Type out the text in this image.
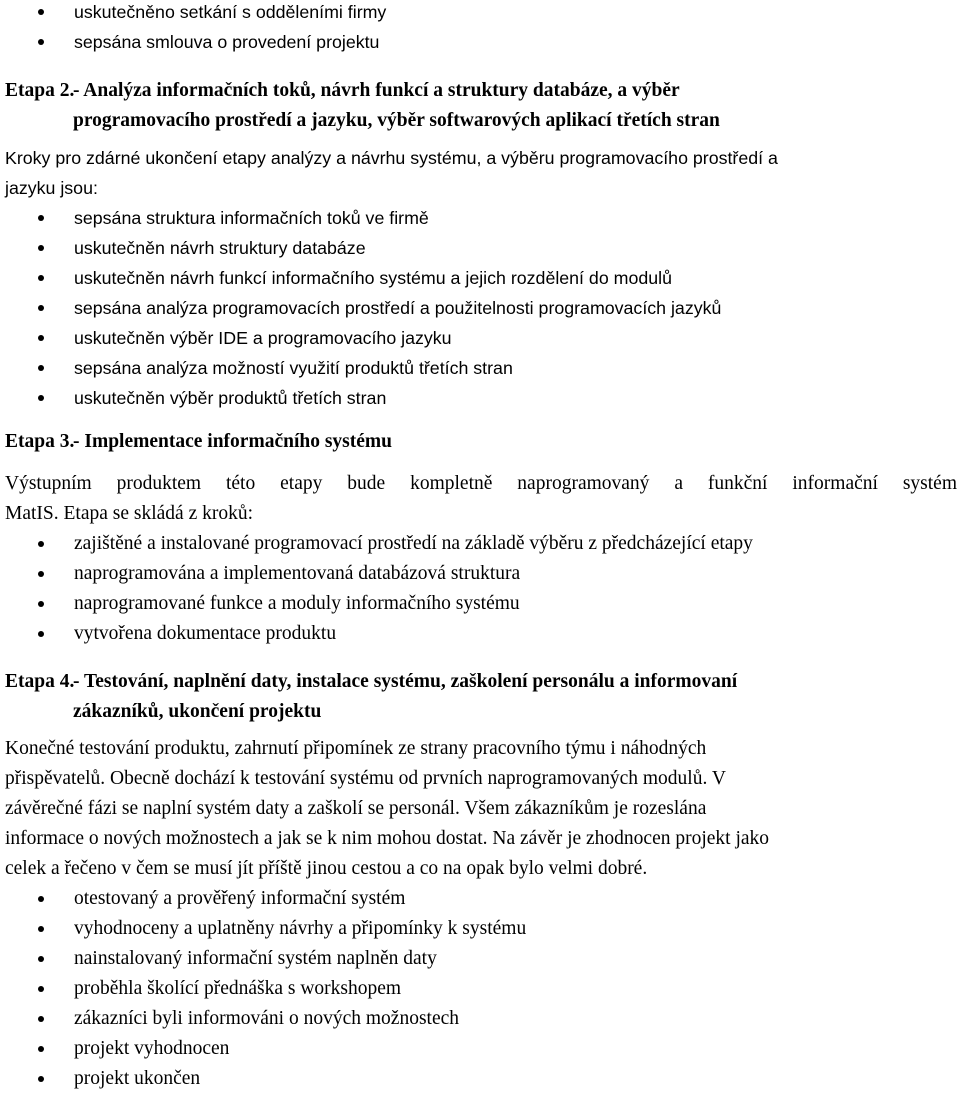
uskutečněno setkání s odděleními firmy
sepsána smlouva o provedení projektu
Etapa 2.- Analýza informačních toků, návrh funkcí a struktury databáze, a výběr
programovacího prostředí a jazyku, výběr softwarových aplikací třetích stran
Kroky pro zdárné ukončení etapy analýzy a návrhu systému, a výběru programovacího prostředí a
jazyku jsou:
sepsána struktura informačních toků ve firmě
uskutečněn návrh struktury databáze
uskutečněn návrh funkcí informačního systému a jejich rozdělení do modulů
sepsána analýza programovacích prostředí a použitelnosti programovacích jazyků
uskutečněn výběr IDE a programovacího jazyku
sepsána analýza možností využití produktů třetích stran
uskutečněn výběr produktů třetích stran
Etapa 3.- Implementace informačního systému
Výstupním produktem této etapy bude kompletně naprogramovaný a funkční informační systém
MatIS. Etapa se skládá z kroků:
zajištěné a instalované programovací prostředí na základě výběru z předcházející etapy
naprogramována a implementovaná databázová struktura
naprogramované funkce a moduly informačního systému
vytvořena dokumentace produktu
Etapa 4.- Testování, naplnění daty, instalace systému, zaškolení personálu a informovaní
zákazníků, ukončení projektu
Konečné testování produktu, zahrnutí připomínek ze strany pracovního týmu i náhodných
přispěvatelů. Obecně dochází k testování systému od prvních naprogramovaných modulů. V
závěrečné fázi se naplní systém daty a zaškolí se personál. Všem zákazníkům je rozeslána
informace o nových možnostech a jak se k nim mohou dostat. Na závěr je zhodnocen projekt jako
celek a řečeno v čem se musí jít příště jinou cestou a co na opak bylo velmi dobré.
otestovaný a prověřený informační systém
vyhodnoceny a uplatněny návrhy a připomínky k systému
nainstalovaný informační systém naplněn daty
proběhla školící přednáška s workshopem
zákazníci byli informováni o nových možnostech
projekt vyhodnocen
projekt ukončen
